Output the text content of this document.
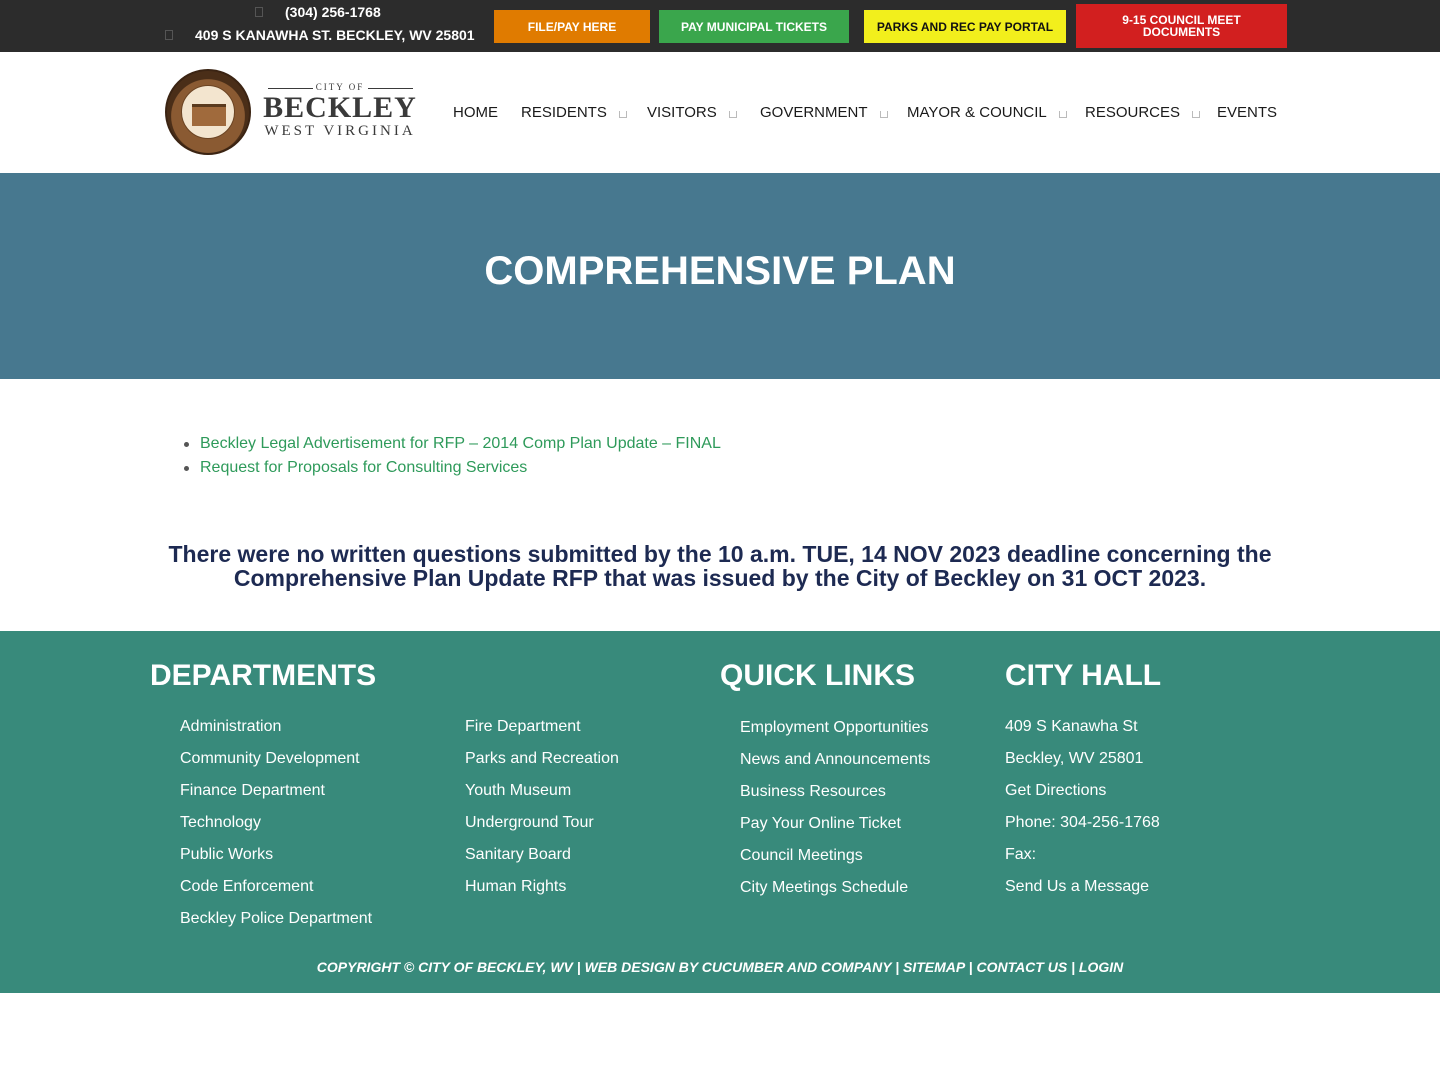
(304) 256-1768
409 S KANAWHA ST. BECKLEY, WV 25801
FILE/PAY HERE	PAY MUNICIPAL TICKETS	PARKS AND REC PAY PORTAL	9-15 COUNCIL MEET DOCUMENTS
CITY OF
BECKLEY
WEST VIRGINIA
HOME RESIDENTS	VISITORS	GOVERNMENT	MAYOR & COUNCIL	RESOURCES EVENTS
COMPREHENSIVE PLAN
Beckley Legal Advertisement for RFP – 2014 Comp Plan Update – FINAL
Request for Proposals for Consulting Services
There were no written questions submitted by the 10 a.m. TUE, 14 NOV 2023 deadline concerning the Comprehensive Plan Update RFP that was issued by the City of Beckley on 31 OCT 2023.
DEPARTMENTS	QUICK LINKS	CITY HALL
Administration
Community Development
Finance Department
Technology
Public Works
Code Enforcement
Beckley Police Department
Fire Department
Parks and Recreation
Youth Museum
Underground Tour
Sanitary Board
Human Rights
Employment Opportunities
News and Announcements
Business Resources
Pay Your Online Ticket
Council Meetings
City Meetings Schedule
409 S Kanawha St
Beckley, WV 25801
Get Directions
Phone: 304-256-1768
Fax:
Send Us a Message
COPYRIGHT © CITY OF BECKLEY, WV | WEB DESIGN BY CUCUMBER AND COMPANY | SITEMAP | CONTACT US | LOGIN
